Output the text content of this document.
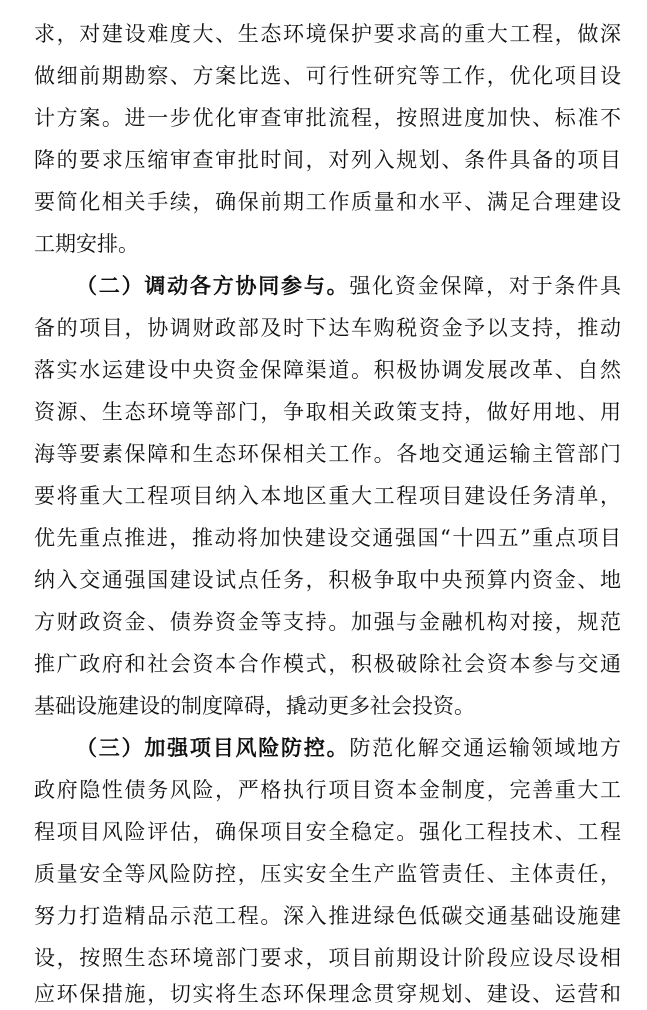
求，对建设难度大、生态环境保护要求高的重大工程，做深
做细前期勘察、方案比选、可行性研究等工作，优化项目设
计方案。进一步优化审查审批流程，按照进度加快、标准不
降的要求压缩审查审批时间，对列入规划、条件具备的项目
要简化相关手续，确保前期工作质量和水平、满足合理建设
工期安排。
（二）调动各方协同参与。强化资金保障，对于条件具
备的项目，协调财政部及时下达车购税资金予以支持，推动
落实水运建设中央资金保障渠道。积极协调发展改革、自然
资源、生态环境等部门，争取相关政策支持，做好用地、用
海等要素保障和生态环保相关工作。各地交通运输主管部门
要将重大工程项目纳入本地区重大工程项目建设任务清单，
优先重点推进，推动将加快建设交通强国“十四五”重点项目
纳入交通强国建设试点任务，积极争取中央预算内资金、地
方财政资金、债券资金等支持。加强与金融机构对接，规范
推广政府和社会资本合作模式，积极破除社会资本参与交通
基础设施建设的制度障碍，撬动更多社会投资。
（三）加强项目风险防控。防范化解交通运输领域地方
政府隐性债务风险，严格执行项目资本金制度，完善重大工
程项目风险评估，确保项目安全稳定。强化工程技术、工程
质量安全等风险防控，压实安全生产监管责任、主体责任，
努力打造精品示范工程。深入推进绿色低碳交通基础设施建
设，按照生态环境部门要求，项目前期设计阶段应设尽设相
应环保措施，切实将生态环保理念贯穿规划、建设、运营和
